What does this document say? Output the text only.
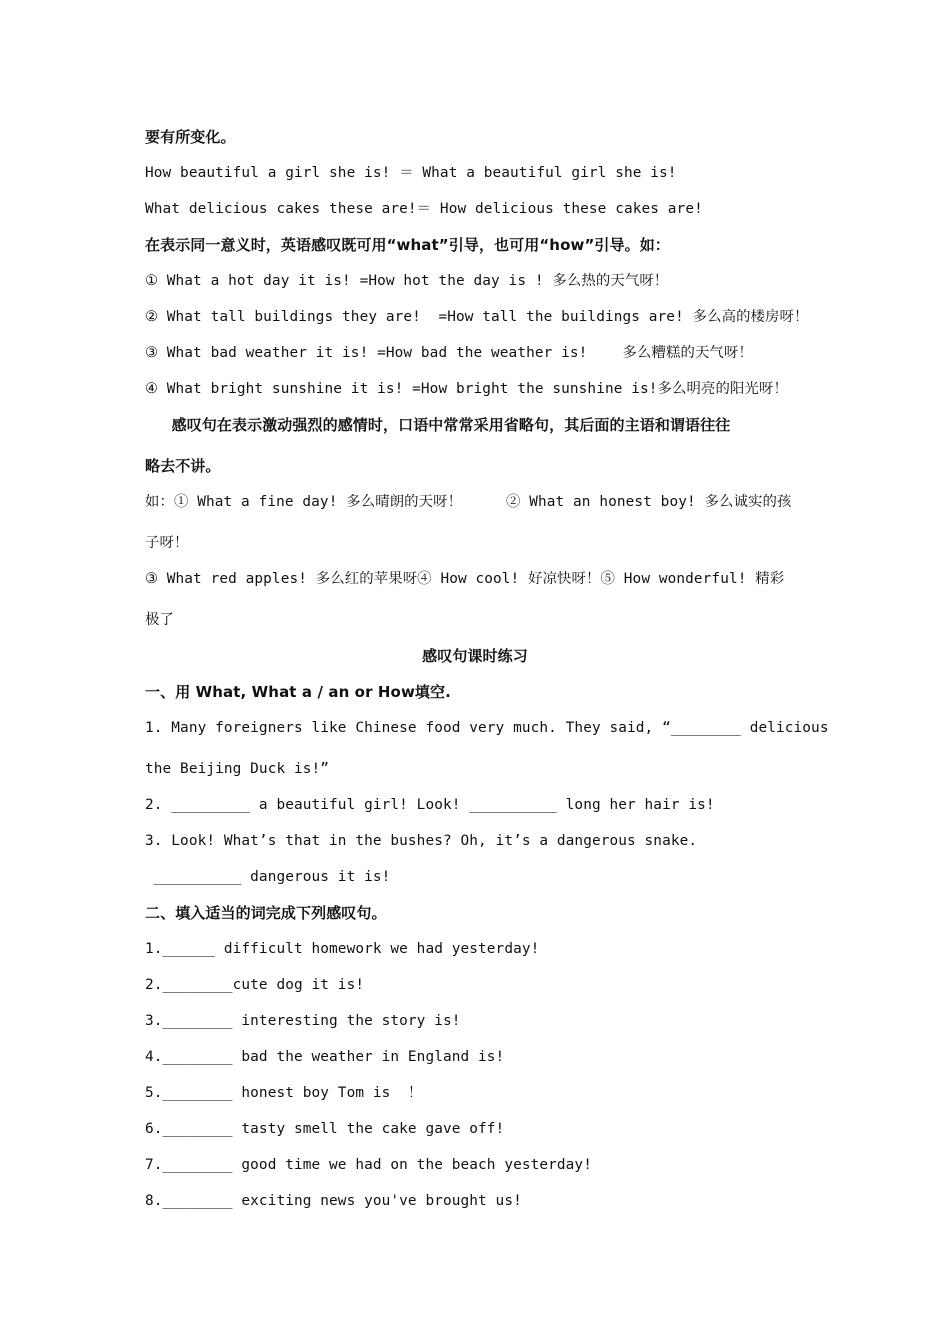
要有所变化。
How beautiful a girl she is! ＝ What a beautiful girl she is!
What delicious cakes these are!＝ How delicious these cakes are!
在表示同一意义时，英语感叹既可用“what”引导，也可用“how”引导。如：
① What a hot day it is! =How hot the day is ! 多么热的天气呀！
② What tall buildings they are!  =How tall the buildings are! 多么高的楼房呀！
③ What bad weather it is! =How bad the weather is!    多么糟糕的天气呀！
④ What bright sunshine it is! =How bright the sunshine is!多么明亮的阳光呀！
感叹句在表示激动强烈的感情时，口语中常常采用省略句，其后面的主语和谓语往往
略去不讲。
如：① What a fine day! 多么晴朗的天呀！     ② What an honest boy! 多么诚实的孩
子呀！
③ What red apples! 多么红的苹果呀④ How cool! 好凉快呀！⑤ How wonderful! 精彩
极了
感叹句课时练习
一、用 What, What a / an or How填空.
1. Many foreigners like Chinese food very much. They said, “________ delicious
the Beijing Duck is!”
2. _________ a beautiful girl! Look! __________ long her hair is!
3. Look! What’s that in the bushes? Oh, it’s a dangerous snake.
__________ dangerous it is!
二、填入适当的词完成下列感叹句。
1.______ difficult homework we had yesterday!
2.________cute dog it is!
3.________ interesting the story is!
4.________ bad the weather in England is!
5.________ honest boy Tom is  ！
6.________ tasty smell the cake gave off!
7.________ good time we had on the beach yesterday!
8.________ exciting news you've brought us!
